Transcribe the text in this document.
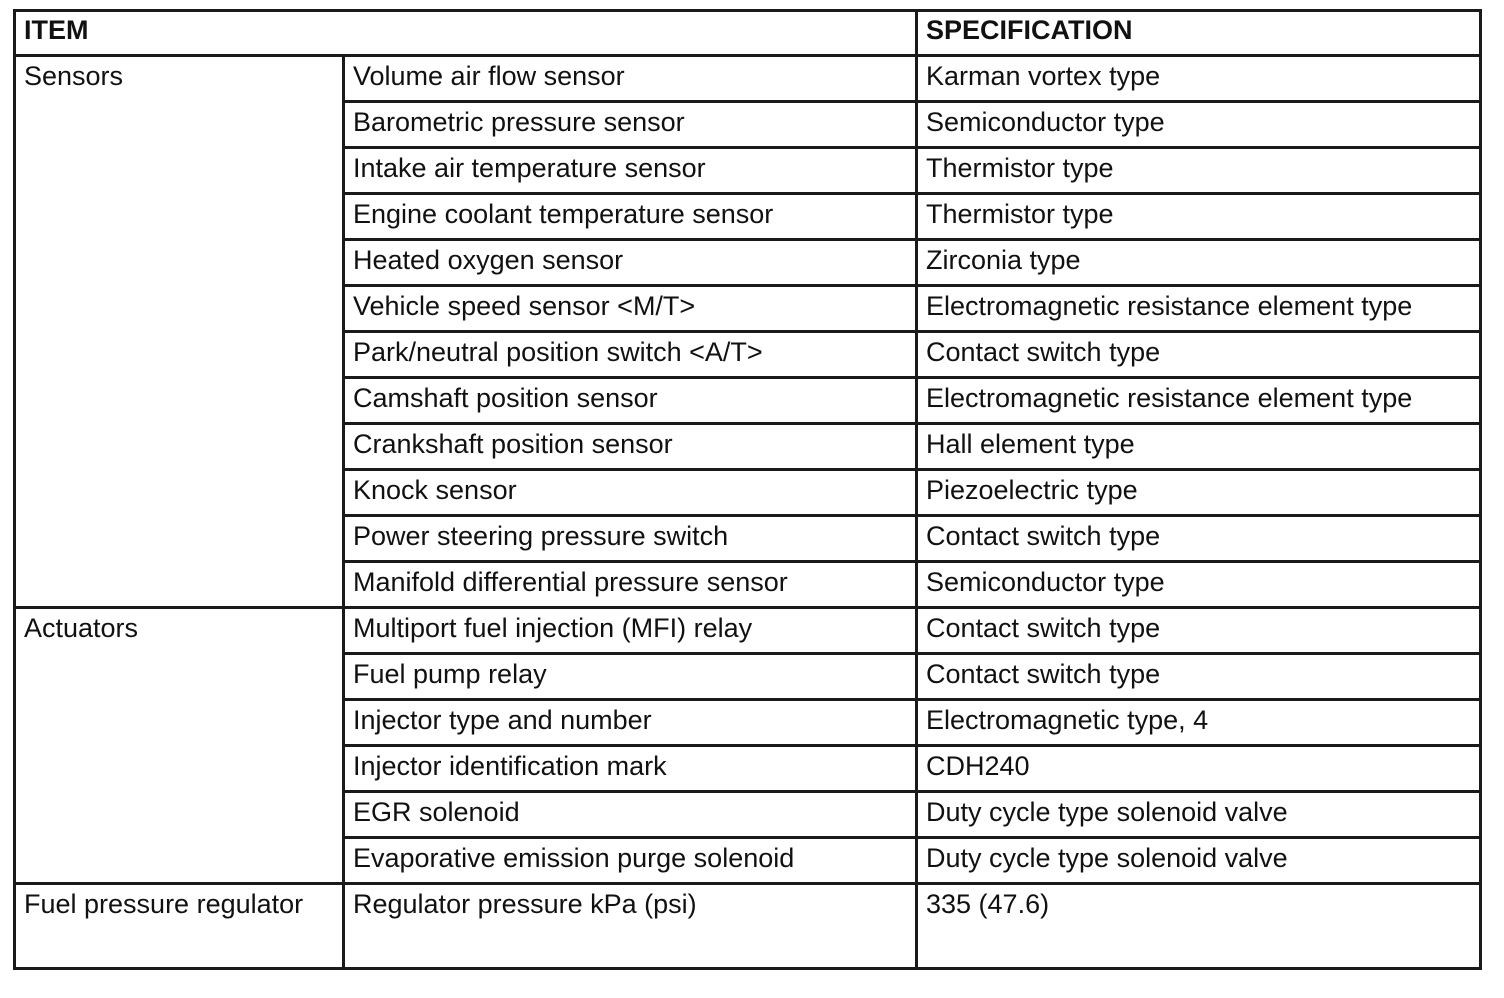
ITEM		SPECIFICATION
Sensors	Volume air flow sensor	Karman vortex type
	Barometric pressure sensor	Semiconductor type
	Intake air temperature sensor	Thermistor type
	Engine coolant temperature sensor	Thermistor type
	Heated oxygen sensor	Zirconia type
	Vehicle speed sensor <M/T>	Electromagnetic resistance element type
	Park/neutral position switch <A/T>	Contact switch type
	Camshaft position sensor	Electromagnetic resistance element type
	Crankshaft position sensor	Hall element type
	Knock sensor	Piezoelectric type
	Power steering pressure switch	Contact switch type
	Manifold differential pressure sensor	Semiconductor type
Actuators	Multiport fuel injection (MFI) relay	Contact switch type
	Fuel pump relay	Contact switch type
	Injector type and number	Electromagnetic type, 4
	Injector identification mark	CDH240
	EGR solenoid	Duty cycle type solenoid valve
	Evaporative emission purge solenoid	Duty cycle type solenoid valve
Fuel pressure regulator	Regulator pressure kPa (psi)	335 (47.6)
